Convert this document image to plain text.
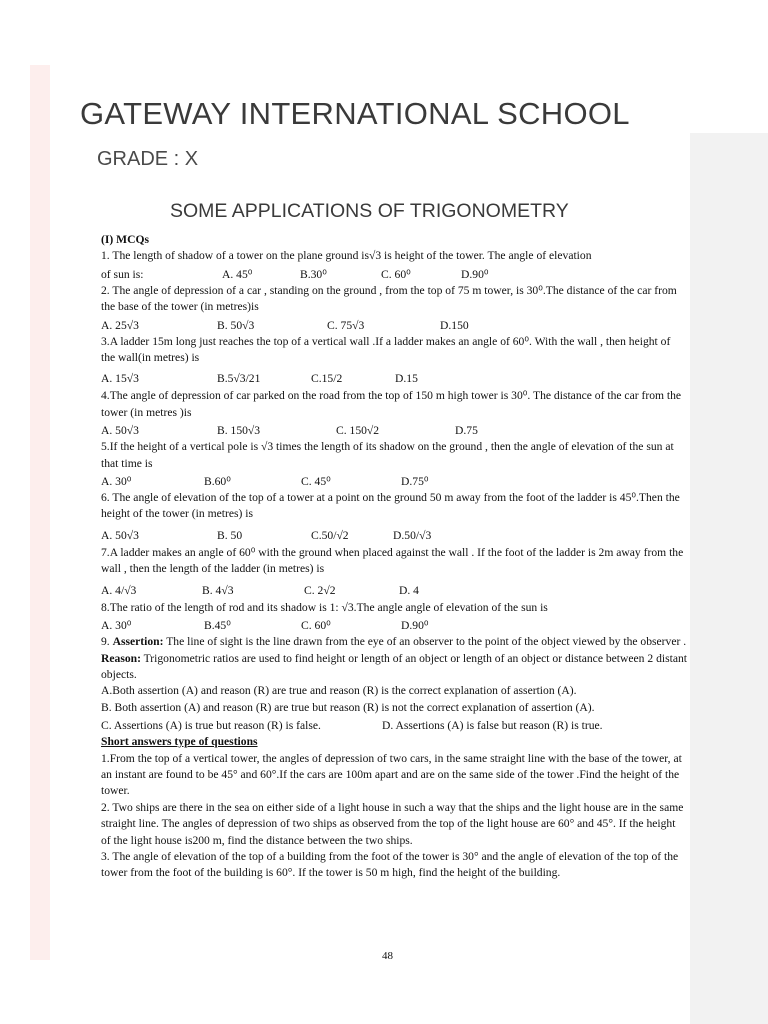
GATEWAY INTERNATIONAL SCHOOL
GRADE : X
SOME APPLICATIONS OF TRIGONOMETRY

(I) MCQs

1. The length of shadow of a tower on the plane ground is√3 is height of the tower. The angle of elevation

of sun is:	A. 45⁰	B.30⁰	C. 60⁰	D.90⁰

2. The angle of depression of a car , standing on the ground , from the top of 75 m tower, is 30⁰.The distance of the car from the base of the tower (in metres)is

A. 25√3	B. 50√3	C. 75√3	D.150

3.A ladder 15m long just reaches the top of a vertical wall .If a ladder makes an angle of 60⁰. With the wall , then height of the wall(in metres) is

A. 15√3	B.5√3/21	C.15/2	D.15

4.The angle of depression of car parked on the road from the top of 150 m high tower is 30⁰. The distance of the car from the tower (in metres )is

A. 50√3	B. 150√3	C. 150√2	D.75

5.If the height of a vertical pole is √3 times the length of its shadow on the ground , then the angle of elevation of the sun at that time is

A. 30⁰	B.60⁰	C. 45⁰	D.75⁰

6. The angle of elevation of the top of a tower at a point on the ground 50 m away from the foot of the ladder is 45⁰.Then the height of the tower (in metres) is

A. 50√3	B. 50	C.50/√2	D.50/√3

7.A ladder makes an angle of 60⁰ with the ground when placed against the wall . If the foot of the ladder is 2m away from the wall , then the length of the ladder (in metres) is

A. 4/√3	B. 4√3	C. 2√2	D. 4

8.The ratio of the length of rod and its shadow is 1: √3.The angle angle of elevation of the sun is

A. 30⁰	B.45⁰	C. 60⁰	D.90⁰

9. Assertion: The line of sight is the line drawn from the eye of an observer to the point of the object viewed by the observer .

Reason: Trigonometric ratios are used to find height or length of an object or length of an object or distance between 2 distant objects.

A.Both assertion (A) and reason (R) are true and reason (R) is the correct explanation of assertion (A).

B. Both assertion (A) and reason (R) are true but reason (R) is not the correct explanation of assertion (A).

C. Assertions (A) is true but reason (R) is false.	D. Assertions (A) is false but reason (R) is true.

Short answers type of questions

1.From the top of a vertical tower, the angles of depression of two cars, in the same straight line with the base of the tower, at an instant are found to be 45° and 60°.If the cars are 100m apart and are on the same side of the tower .Find the height of the tower.

2. Two ships are there in the sea on either side of a light house in such a way that the ships and the light house are in the same straight line. The angles of depression of two ships as observed from the top of the light house are 60° and 45°. If the height of the light house is200 m, find the distance between the two ships.

3. The angle of elevation of the top of a building from the foot of the tower is 30° and the angle of elevation of the top of the tower from the foot of the building is 60°. If the tower is 50 m high, find the height of the building.

48
